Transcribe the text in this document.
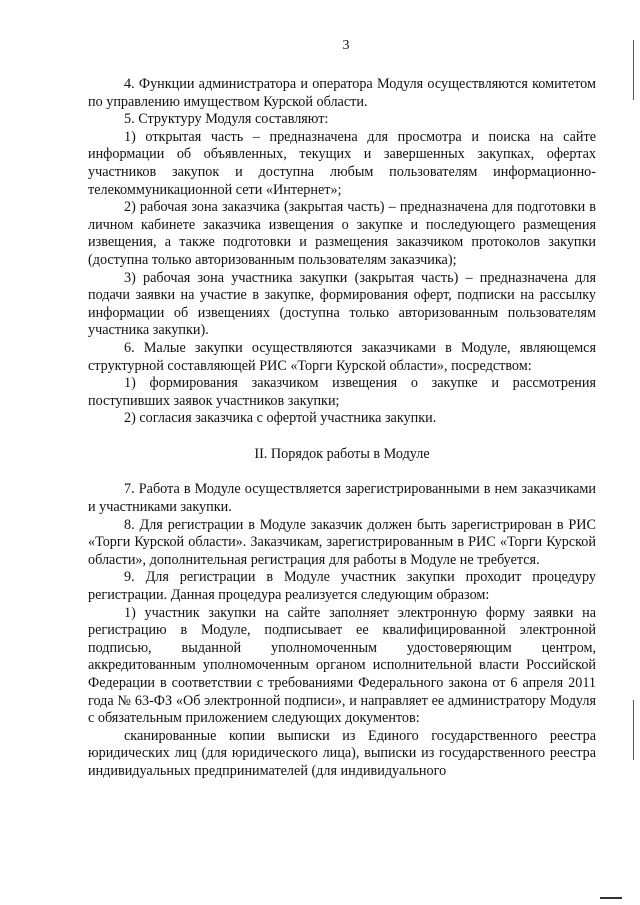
3

4. Функции администратора и оператора Модуля осуществляются комитетом по управлению имуществом Курской области.

5. Структуру Модуля составляют:

1) открытая часть – предназначена для просмотра и поиска на сайте информации об объявленных, текущих и завершенных закупках, офертах участников закупок и доступна любым пользователям информационно-телекоммуникационной сети «Интернет»;

2) рабочая зона заказчика (закрытая часть) – предназначена для подготовки в личном кабинете заказчика извещения о закупке и последующего размещения извещения, а также подготовки и размещения заказчиком протоколов закупки (доступна только авторизованным пользователям заказчика);

3) рабочая зона участника закупки (закрытая часть) – предназначена для подачи заявки на участие в закупке, формирования оферт, подписки на рассылку информации об извещениях (доступна только авторизованным пользователям участника закупки).

6. Малые закупки осуществляются заказчиками в Модуле, являющемся структурной составляющей РИС «Торги Курской области», посредством:

1) формирования заказчиком извещения о закупке и рассмотрения поступивших заявок участников закупки;

2) согласия заказчика с офертой участника закупки.

II. Порядок работы в Модуле

7. Работа в Модуле осуществляется зарегистрированными в нем заказчиками и участниками закупки.

8. Для регистрации в Модуле заказчик должен быть зарегистрирован в РИС «Торги Курской области». Заказчикам, зарегистрированным в РИС «Торги Курской области», дополнительная регистрация для работы в Модуле не требуется.

9. Для регистрации в Модуле участник закупки проходит процедуру регистрации. Данная процедура реализуется следующим образом:

1) участник закупки на сайте заполняет электронную форму заявки на регистрацию в Модуле, подписывает ее квалифицированной электронной подписью, выданной уполномоченным удостоверяющим центром, аккредитованным уполномоченным органом исполнительной власти Российской Федерации в соответствии с требованиями Федерального закона от 6 апреля 2011 года № 63-ФЗ «Об электронной подписи», и направляет ее администратору Модуля с обязательным приложением следующих документов:

сканированные копии выписки из Единого государственного реестра юридических лиц (для юридического лица), выписки из государственного реестра индивидуальных предпринимателей (для индивидуального
